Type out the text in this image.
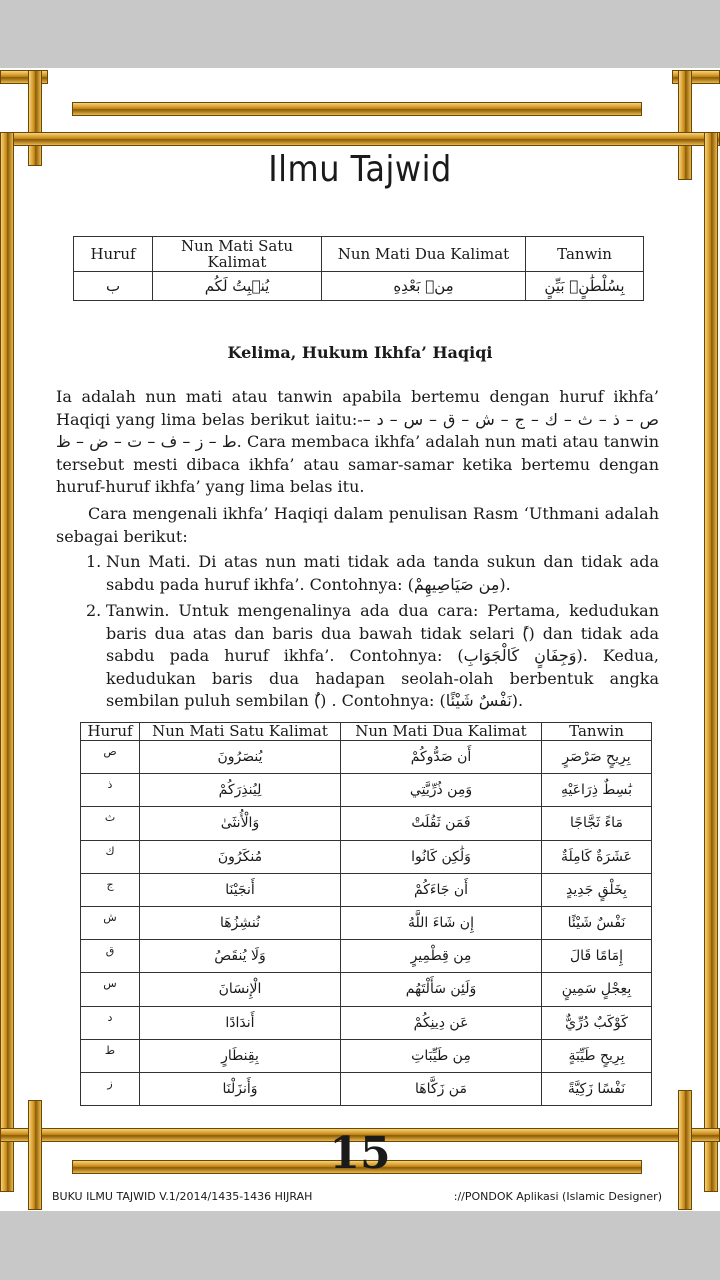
Ilmu Tajwid
Huruf	Nun Mati Satu Kalimat	Nun Mati Dua Kalimat	Tanwin
ب	يُنۢبِتُ لَكُم	مِنۢ بَعْدِهِ	بِسُلْطَٰنٍۭ بَيِّنٍ
Kelima, Hukum Ikhfa’ Haqiqi

Ia adalah nun mati atau tanwin apabila bertemu dengan huruf ikhfa’ Haqiqi yang lima belas berikut iaitu:-ص – ذ – ث – ك – ج – ش – ق – س – د – ط – ز – ف – ت – ض – ظ. Cara membaca ikhfa’ adalah nun mati atau tanwin tersebut mesti dibaca ikhfa’ atau samar-samar ketika bertemu dengan huruf-huruf ikhfa’ yang lima belas itu.

Cara mengenali ikhfa’ Haqiqi dalam penulisan Rasm ‘Uthmani adalah sebagai berikut:

1. Nun Mati. Di atas nun mati tidak ada tanda sukun dan tidak ada sabdu pada huruf ikhfa’. Contohnya: (مِن صَيَاصِيهِمْ).
2. Tanwin. Untuk mengenalinya ada dua cara: Pertama, kedudukan baris dua atas dan baris dua bawah tidak selari (ً) dan tidak ada sabdu pada huruf ikhfa’. Contohnya: (وَجِفَانٍ كَالْجَوَابِ). Kedua, kedudukan baris dua hadapan seolah-olah berbentuk angka sembilan puluh sembilan (ٌ) . Contohnya: (نَفْسٌ شَيْئًا).
Huruf	Nun Mati Satu Kalimat	Nun Mati Dua Kalimat	Tanwin
ص	يُنصَرُونَ	أَن صَدُّوكُمْ	بِرِيحٍ صَرْصَرٍ
ذ	لِيُنذِرَكُمْ	وَمِن ذُرِّيَّتِي	بَٰسِطٌ ذِرَاعَيْهِ
ث	وَالْأُنثَىٰ	فَمَن ثَقُلَتْ	مَاءً ثَجَّاجًا
ك	مُنكَرُونَ	وَلَٰكِن كَانُوا	عَشَرَةٌ كَامِلَةٌ
ج	أَنجَيْنَا	أَن جَاءَكُمْ	بِخَلْقٍ جَدِيدٍ
ش	نُنشِزُهَا	إِن شَاءَ اللَّهُ	نَفْسٌ شَيْئًا
ق	وَلَا يُنقَصُ	مِن قِطْمِيرٍ	إِمَامًا قَالَ
س	الْإِنسَانَ	وَلَئِن سَأَلْتَهُم	بِعِجْلٍ سَمِينٍ
د	أَندَادًا	عَن دِينِكُمْ	كَوْكَبٌ دُرِّيٌّ
ط	بِقِنطَارٍ	مِن طَيِّبَاتِ	بِرِيحٍ طَيِّبَةٍ
ز	وَأَنزَلْنَا	مَن زَكَّاهَا	نَفْسًا زَكِيَّةً
15
BUKU ILMU TAJWID V.1/2014/1435-1436 HIJRAH	://PONDOK Aplikasi (Islamic Designer)
